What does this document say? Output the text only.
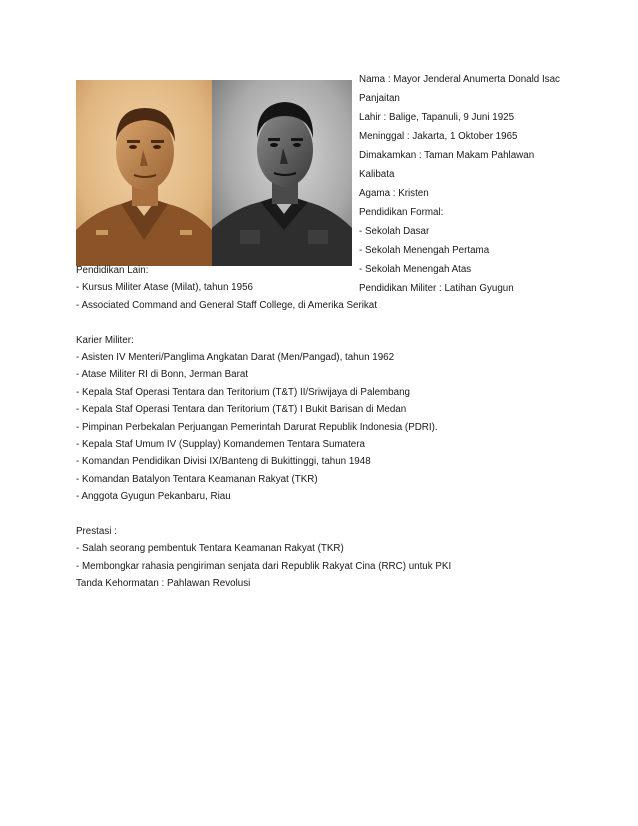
Nama : Mayor Jenderal Anumerta Donald Isac
Panjaitan
Lahir : Balige, Tapanuli, 9 Juni 1925
Meninggal : Jakarta, 1 Oktober 1965
Dimakamkan : Taman Makam Pahlawan
Kalibata
Agama : Kristen
Pendidikan Formal:
- Sekolah Dasar
- Sekolah Menengah Pertama
- Sekolah Menengah Atas
Pendidikan Militer : Latihan Gyugun
Pendidikan Lain:
- Kursus Militer Atase (Milat), tahun 1956
- Associated Command and General Staff College, di Amerika Serikat
Karier Militer:
- Asisten IV Menteri/Panglima Angkatan Darat (Men/Pangad), tahun 1962
- Atase Militer RI di Bonn, Jerman Barat
- Kepala Staf Operasi Tentara dan Teritorium (T&T) II/Sriwijaya di Palembang
- Kepala Staf Operasi Tentara dan Teritorium (T&T) I Bukit Barisan di Medan
- Pimpinan Perbekalan Perjuangan Pemerintah Darurat Republik Indonesia (PDRI).
- Kepala Staf Umum IV (Supplay) Komandemen Tentara Sumatera
- Komandan Pendidikan Divisi IX/Banteng di Bukittinggi, tahun 1948
- Komandan Batalyon Tentara Keamanan Rakyat (TKR)
- Anggota Gyugun Pekanbaru, Riau
Prestasi :
- Salah seorang pembentuk Tentara Keamanan Rakyat (TKR)
- Membongkar rahasia pengiriman senjata dari Republik Rakyat Cina (RRC) untuk PKI
Tanda Kehormatan : Pahlawan Revolusi
